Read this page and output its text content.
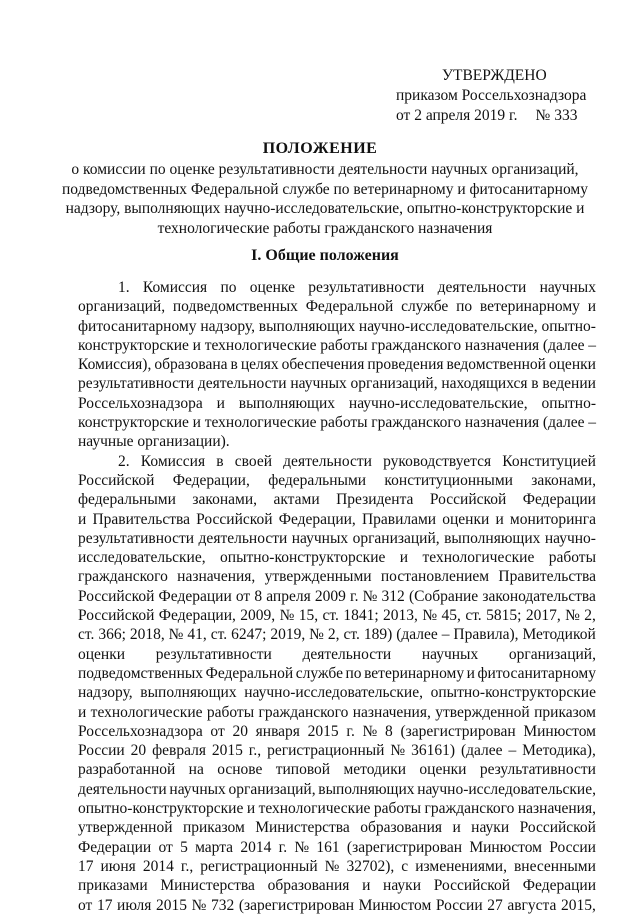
УТВЕРЖДЕНО
приказом Россельхознадзора
от 2 апреля 2019 г. № 333
ПОЛОЖЕНИЕ
о комиссии по оценке результативности деятельности научных организаций,
подведомственных Федеральной службе по ветеринарному и фитосанитарному
надзору, выполняющих научно-исследовательские, опытно-конструкторские и
технологические работы гражданского назначения
I. Общие положения
1. Комиссия по оценке результативности деятельности научных
организаций, подведомственных Федеральной службе по ветеринарному и
фитосанитарному надзору, выполняющих научно-исследовательские, опытно-
конструкторские и технологические работы гражданского назначения (далее –
Комиссия), образована в целях обеспечения проведения ведомственной оценки
результативности деятельности научных организаций, находящихся в ведении
Россельхознадзора и выполняющих научно-исследовательские, опытно-
конструкторские и технологические работы гражданского назначения (далее –
научные организации).
2. Комиссия в своей деятельности руководствуется Конституцией
Российской Федерации, федеральными конституционными законами,
федеральными законами, актами Президента Российской Федерации
и Правительства Российской Федерации, Правилами оценки и мониторинга
результативности деятельности научных организаций, выполняющих научно-
исследовательские, опытно-конструкторские и технологические работы
гражданского назначения, утвержденными постановлением Правительства
Российской Федерации от 8 апреля 2009 г. № 312 (Собрание законодательства
Российской Федерации, 2009, № 15, ст. 1841; 2013, № 45, ст. 5815; 2017, № 2,
ст. 366; 2018, № 41, ст. 6247; 2019, № 2, ст. 189) (далее – Правила), Методикой
оценки результативности деятельности научных организаций,
подведомственных Федеральной службе по ветеринарному и фитосанитарному
надзору, выполняющих научно-исследовательские, опытно-конструкторские
и технологические работы гражданского назначения, утвержденной приказом
Россельхознадзора от 20 января 2015 г. № 8 (зарегистрирован Минюстом
России 20 февраля 2015 г., регистрационный № 36161) (далее – Методика),
разработанной на основе типовой методики оценки результативности
деятельности научных организаций, выполняющих научно-исследовательские,
опытно-конструкторские и технологические работы гражданского назначения,
утвержденной приказом Министерства образования и науки Российской
Федерации от 5 марта 2014 г. № 161 (зарегистрирован Минюстом России
17 июня 2014 г., регистрационный № 32702), с изменениями, внесенными
приказами Министерства образования и науки Российской Федерации
от 17 июля 2015 № 732 (зарегистрирован Минюстом России 27 августа 2015,
